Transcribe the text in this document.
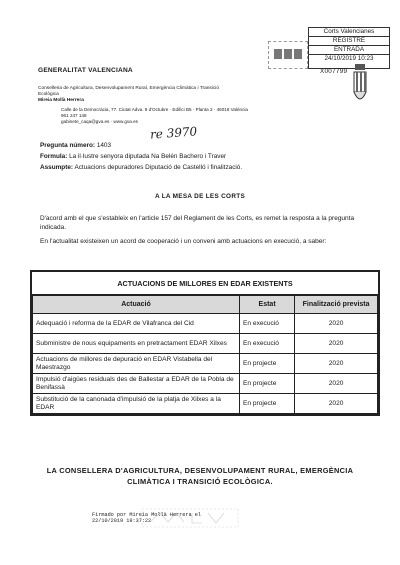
Corts Valencianes
REGISTRE
ENTRADA
24/10/2019 10:23
X007799
GENERALITAT VALENCIANA
Conselleria de Agricultura, Desenvolupament Rural, Emergència Climàtica i Transició Ecològica
Mireia Mollà Herrera
Calle de la Democràcia, 77. Ciutat Adva. 9 d'Octubre · Edifici B5 · Planta 2 · 46018 València
961 247 148
gabinete_caqa@gva.es · www.gva.es
re 3970
Pregunta número: 1403
Formula: La il·lustre senyora diputada Na Belén Bachero i Traver
Assumpte: Actuacions depuradores Diputació de Castelló i finalització.
A LA MESA DE LES CORTS
D'acord amb el que s'estableix en l'article 157 del Reglament de les Corts, es remet la resposta a la pregunta indicada.
En l'actualitat existeixen un acord de cooperació i un conveni amb actuacions en execució, a saber:
ACTUACIONS DE MILLORES EN EDAR EXISTENTS
Actuació	Estat	Finalització prevista
Adequació i reforma de la EDAR de Vilafranca del Cid	En execució	2020
Subministre de nous equipaments en pretractament EDAR Xilxes	En execució	2020
Actuacions de millores de depuració en EDAR Vistabella del Maestrazgo	En projecte	2020
Impulsió d'aigües residuals des de Ballestar a EDAR de la Pobla de Benifassà	En projecte	2020
Substitució de la canonada d'impulsió de la platja de Xilxes a la EDAR	En projecte	2020
LA CONSELLERA D'AGRICULTURA, DESENVOLUPAMENT RURAL, EMERGÈNCIA
CLIMÀTICA I TRANSICIÓ ECOLÒGICA.
Firmado por Mireia Mollà Herrera el
22/10/2019 19:37:22
